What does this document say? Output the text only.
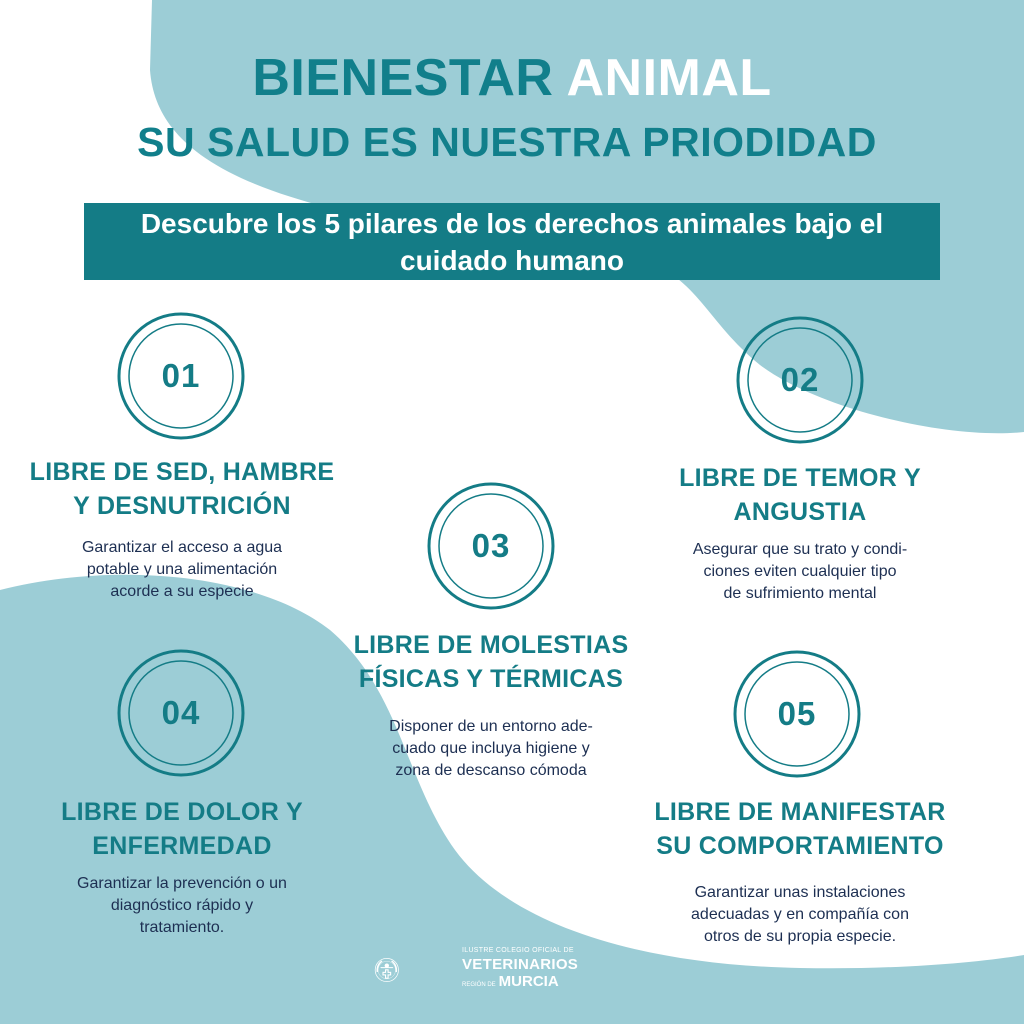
BIENESTAR ANIMAL
SU SALUD ES NUESTRA PRIODIDAD
Descubre los 5 pilares de los derechos animales bajo el
cuidado humano
01
LIBRE DE SED, HAMBRE
Y DESNUTRICIÓN
Garantizar el acceso a agua
potable y una alimentación
acorde a su especie
02
LIBRE DE TEMOR Y
ANGUSTIA
Asegurar que su trato y condi-
ciones eviten cualquier tipo
de sufrimiento mental
03
LIBRE DE MOLESTIAS
FÍSICAS Y TÉRMICAS
Disponer de un entorno ade-
cuado que incluya higiene y
zona de descanso cómoda
04
LIBRE DE DOLOR Y
ENFERMEDAD
Garantizar la prevención o un
diagnóstico rápido y
tratamiento.
05
LIBRE DE MANIFESTAR
SU COMPORTAMIENTO
Garantizar unas instalaciones
adecuadas y en compañía con
otros de su propia especie.
ILUSTRE COLEGIO OFICIAL DE
VETERINARIOS
REGIÓN DE MURCIA
